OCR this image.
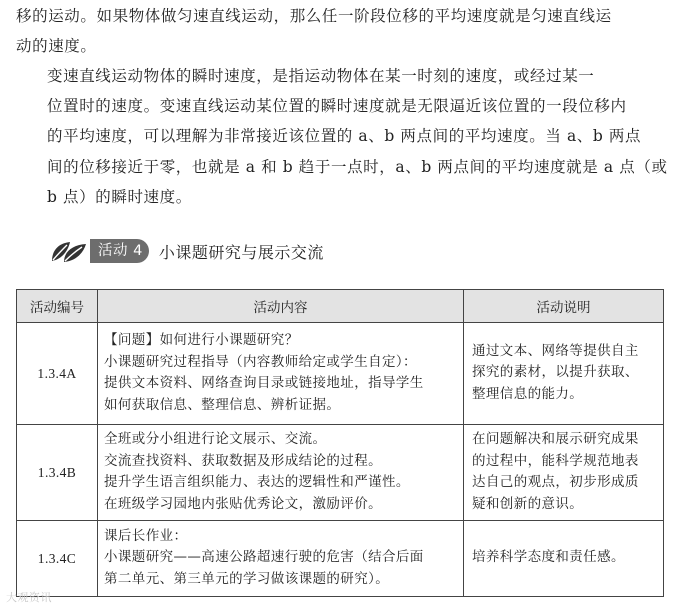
移的运动。如果物体做匀速直线运动，那么任一阶段位移的平均速度就是匀速直线运
动的速度。

变速直线运动物体的瞬时速度，是指运动物体在某一时刻的速度，或经过某一
位置时的速度。变速直线运动某位置的瞬时速度就是无限逼近该位置的一段位移内
的平均速度，可以理解为非常接近该位置的 a、b 两点间的平均速度。当 a、b 两点
间的位移接近于零，也就是 a 和 b 趋于一点时，a、b 两点间的平均速度就是 a 点（或
b 点）的瞬时速度。

活动 4	小课题研究与展示交流
活动编号	活动内容	活动说明
1.3.4A	【问题】如何进行小课题研究？
小课题研究过程指导（内容教师给定或学生自定）：
提供文本资料、网络查询目录或链接地址，指导学生
如何获取信息、整理信息、辨析证据。	通过文本、网络等提供自主
探究的素材，以提升获取、
整理信息的能力。

1.3.4B	全班或分小组进行论文展示、交流。
交流查找资料、获取数据及形成结论的过程。
提升学生语言组织能力、表达的逻辑性和严谨性。
在班级学习园地内张贴优秀论文，激励评价。	在问题解决和展示研究成果
的过程中，能科学规范地表
达自己的观点，初步形成质
疑和创新的意识。

1.3.4C	课后长作业：
小课题研究——高速公路超速行驶的危害（结合后面
第二单元、第三单元的学习做该课题的研究）。	培养科学态度和责任感。
大观资讯
